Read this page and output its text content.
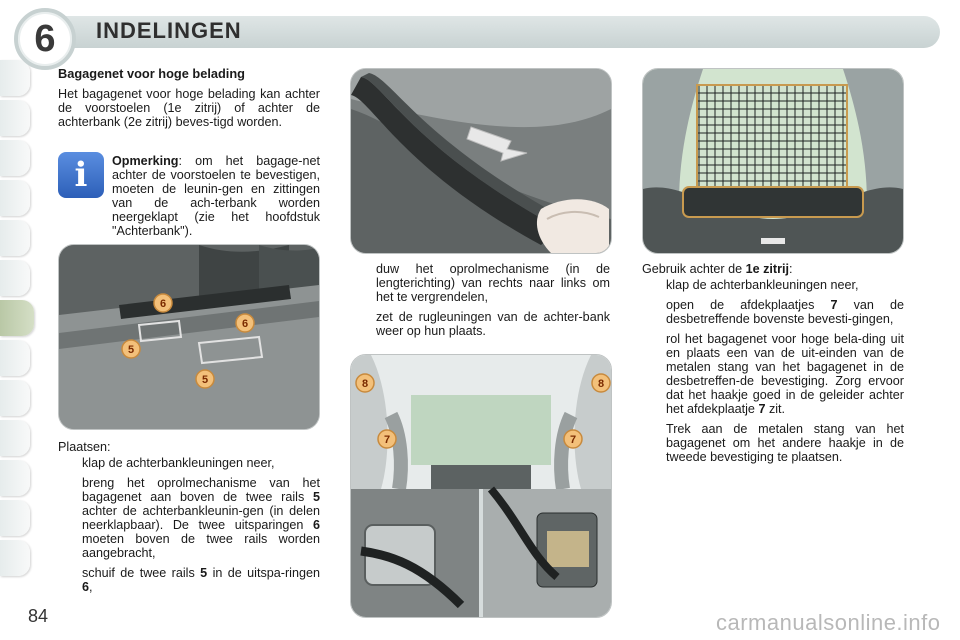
6	INDELINGEN
Bagagenet voor hoge belading
Het bagagenet voor hoge belading kan achter de voorstoelen (1e zitrij) of achter de achterbank (2e zitrij) beves-tigd worden.
i Opmerking: om het bagage-net achter de voorstoelen te bevestigen, moeten de leunin-gen en zittingen van de ach-terbank worden neergeklapt (zie het hoofdstuk "Achterbank").
6
6
5
5
Plaatsen:
klap de achterbankleuningen neer,
breng het oprolmechanisme van het bagagenet aan boven de twee rails 5 achter de achterbankleunin-gen (in delen neerklapbaar). De twee uitsparingen 6 moeten boven de twee rails worden aangebracht,
schuif de twee rails 5 in de uitspa-ringen 6,
duw het oprolmechanisme (in de lengterichting) van rechts naar links om het te vergrendelen,
zet de rugleuningen van de achter-bank weer op hun plaats.
8	8
7	7
Gebruik achter de 1e zitrij:
klap de achterbankleuningen neer,
open de afdekplaatjes 7 van de desbetreffende bovenste bevesti-gingen,
rol het bagagenet voor hoge bela-ding uit en plaats een van de uit-einden van de metalen stang van het bagagenet in de desbetreffen-de bevestiging. Zorg ervoor dat het haakje goed in de geleider achter het afdekplaatje 7 zit.
Trek aan de metalen stang van het bagagenet om het andere haakje in de tweede bevestiging te plaatsen.
84	carmanualsonline.info
